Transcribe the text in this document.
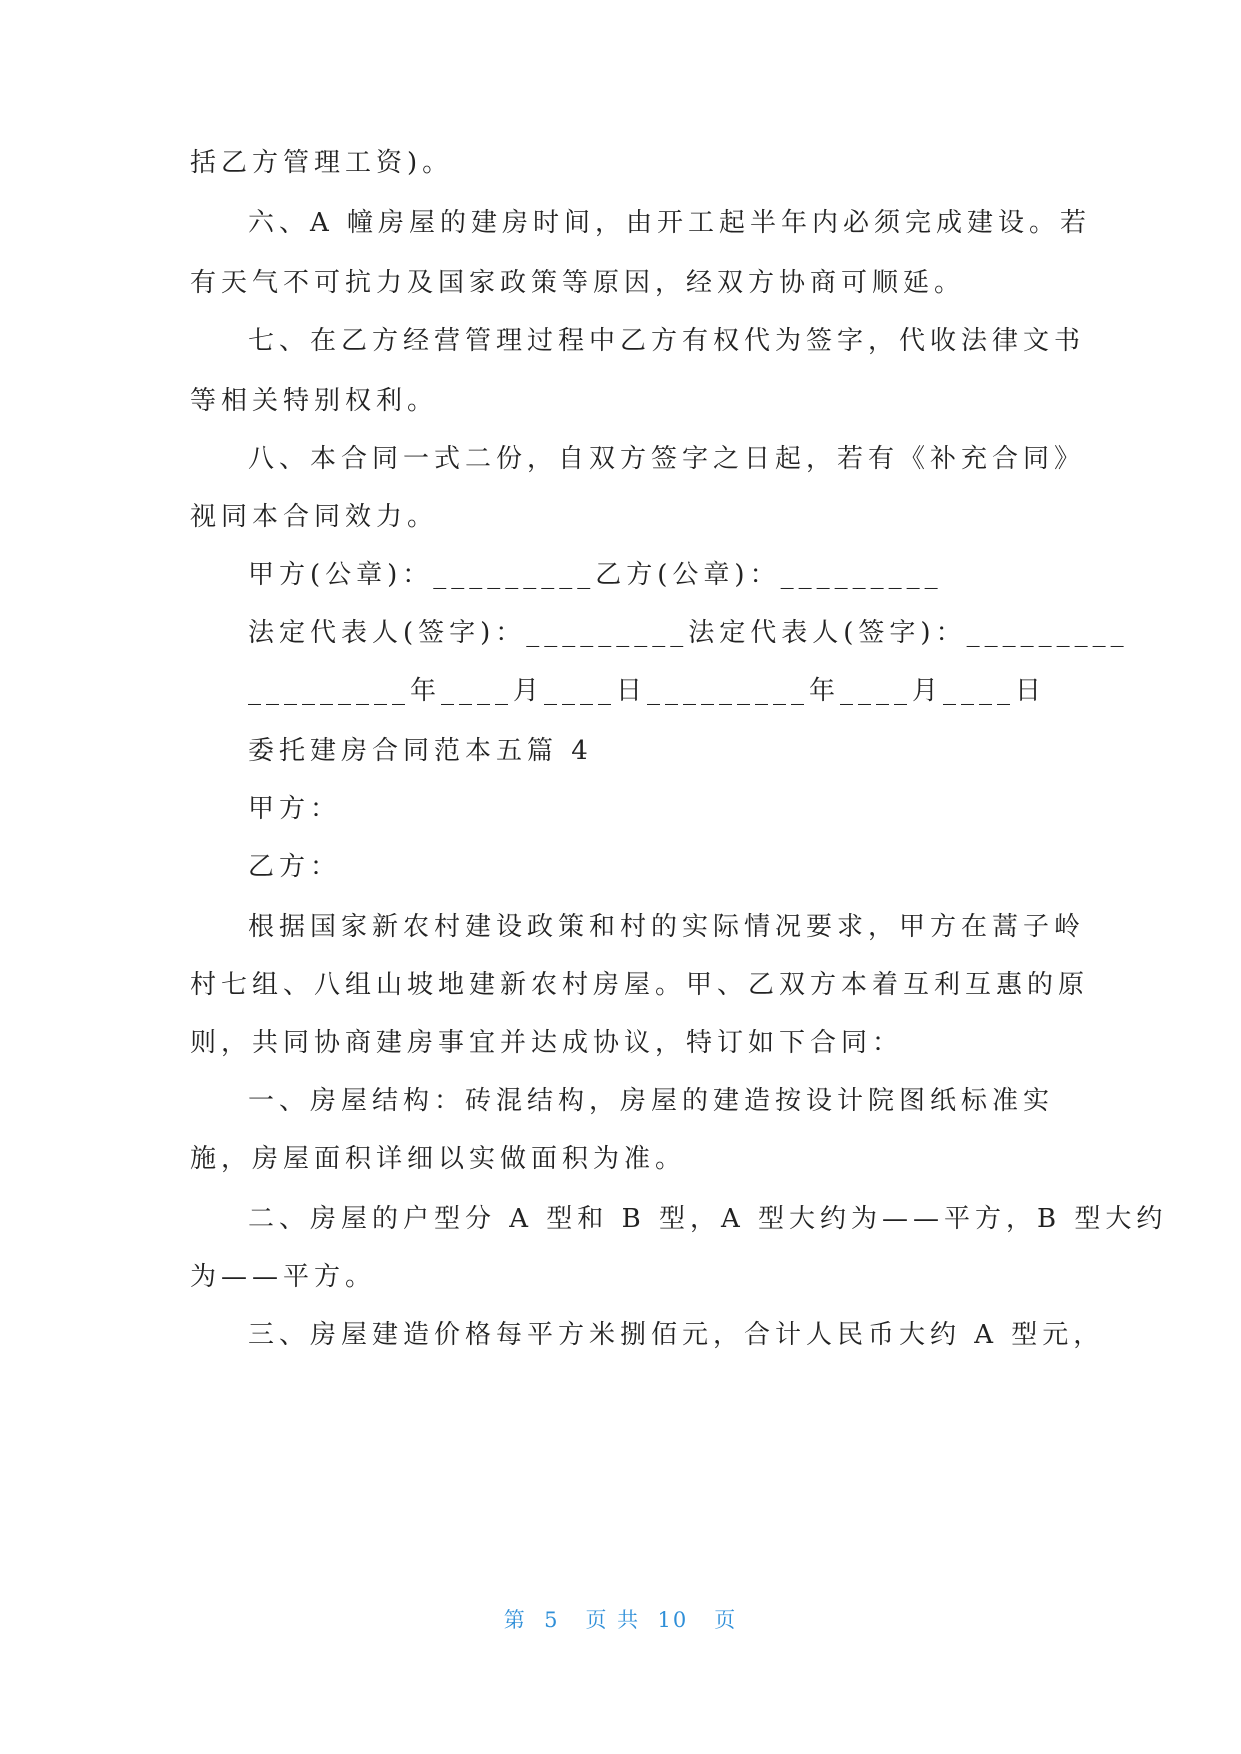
括乙方管理工资)。
六、A 幢房屋的建房时间，由开工起半年内必须完成建设。若
有天气不可抗力及国家政策等原因，经双方协商可顺延。
七、在乙方经营管理过程中乙方有权代为签字，代收法律文书
等相关特别权利。
八、本合同一式二份，自双方签字之日起，若有《补充合同》
视同本合同效力。
甲方(公章)：_________乙方(公章)：_________
法定代表人(签字)：_________法定代表人(签字)：_________
_________年____月____日_________年____月____日
委托建房合同范本五篇 4
甲方：
乙方：
根据国家新农村建设政策和村的实际情况要求，甲方在蒿子岭
村七组、八组山坡地建新农村房屋。甲、乙双方本着互利互惠的原
则，共同协商建房事宜并达成协议，特订如下合同：
一、房屋结构：砖混结构，房屋的建造按设计院图纸标准实
施，房屋面积详细以实做面积为准。
二、房屋的户型分 A 型和 B 型，A 型大约为——平方，B 型大约
为——平方。
三、房屋建造价格每平方米捌佰元，合计人民币大约 A 型元，
第  5   页 共  10   页
